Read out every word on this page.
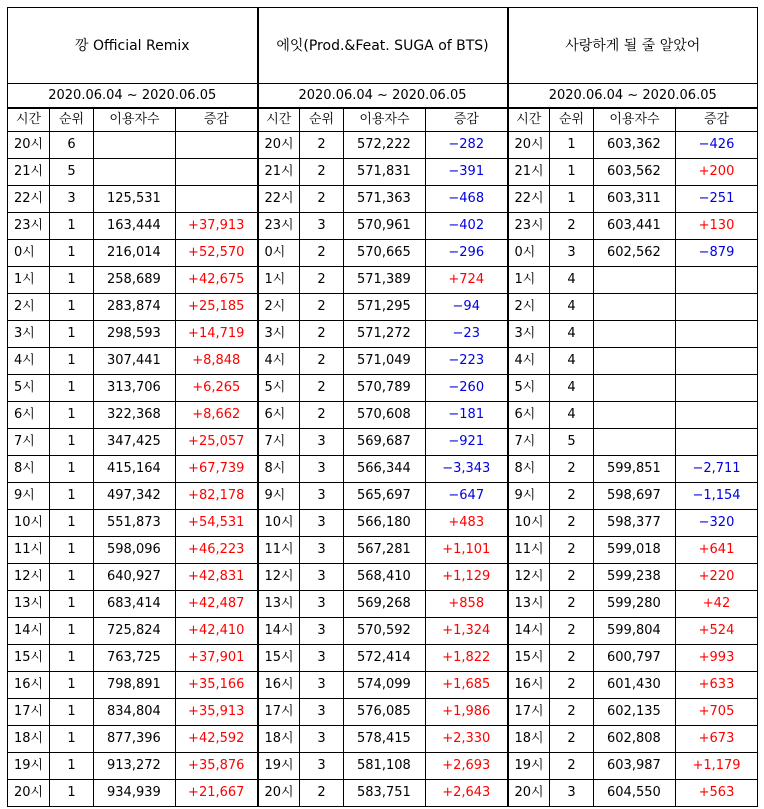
깡 Official Remix				에잇(Prod.&Feat. SUGA of BTS)				사랑하게 될 줄 알았어			
2020.06.04 ~ 2020.06.05				2020.06.04 ~ 2020.06.05				2020.06.04 ~ 2020.06.05			
시간	순위	이용자수	증감	시간	순위	이용자수	증감	시간	순위	이용자수	증감
20시	6			20시	2	572,222	−282	20시	1	603,362	−426
21시	5			21시	2	571,831	−391	21시	1	603,562	+200
22시	3	125,531		22시	2	571,363	−468	22시	1	603,311	−251
23시	1	163,444	+37,913	23시	3	570,961	−402	23시	2	603,441	+130
0시	1	216,014	+52,570	0시	2	570,665	−296	0시	3	602,562	−879
1시	1	258,689	+42,675	1시	2	571,389	+724	1시	4		
2시	1	283,874	+25,185	2시	2	571,295	−94	2시	4		
3시	1	298,593	+14,719	3시	2	571,272	−23	3시	4		
4시	1	307,441	+8,848	4시	2	571,049	−223	4시	4		
5시	1	313,706	+6,265	5시	2	570,789	−260	5시	4		
6시	1	322,368	+8,662	6시	2	570,608	−181	6시	4		
7시	1	347,425	+25,057	7시	3	569,687	−921	7시	5		
8시	1	415,164	+67,739	8시	3	566,344	−3,343	8시	2	599,851	−2,711
9시	1	497,342	+82,178	9시	3	565,697	−647	9시	2	598,697	−1,154
10시	1	551,873	+54,531	10시	3	566,180	+483	10시	2	598,377	−320
11시	1	598,096	+46,223	11시	3	567,281	+1,101	11시	2	599,018	+641
12시	1	640,927	+42,831	12시	3	568,410	+1,129	12시	2	599,238	+220
13시	1	683,414	+42,487	13시	3	569,268	+858	13시	2	599,280	+42
14시	1	725,824	+42,410	14시	3	570,592	+1,324	14시	2	599,804	+524
15시	1	763,725	+37,901	15시	3	572,414	+1,822	15시	2	600,797	+993
16시	1	798,891	+35,166	16시	3	574,099	+1,685	16시	2	601,430	+633
17시	1	834,804	+35,913	17시	3	576,085	+1,986	17시	2	602,135	+705
18시	1	877,396	+42,592	18시	3	578,415	+2,330	18시	2	602,808	+673
19시	1	913,272	+35,876	19시	3	581,108	+2,693	19시	2	603,987	+1,179
20시	1	934,939	+21,667	20시	2	583,751	+2,643	20시	3	604,550	+563
